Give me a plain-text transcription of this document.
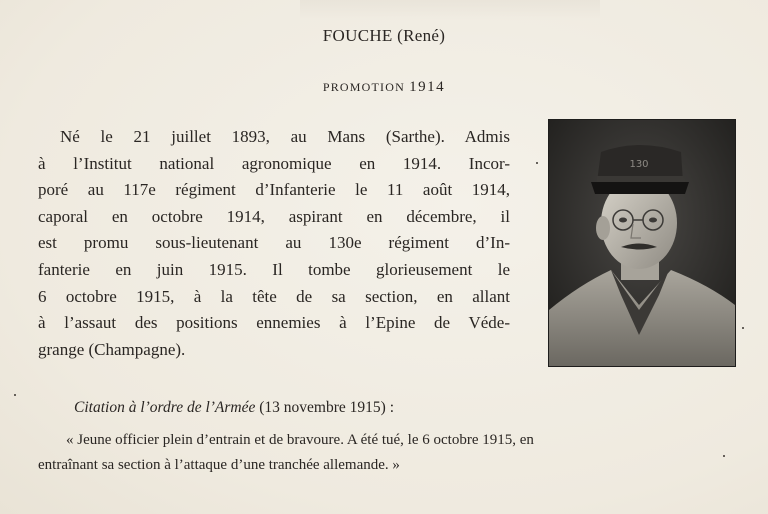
FOUCHE (René)
PROMOTION 1914
Né le 21 juillet 1893, au Mans (Sarthe). Admis
à l’Institut national agronomique en 1914. Incor-
poré au 117e régiment d’Infanterie le 11 août 1914,
caporal en octobre 1914, aspirant en décembre, il
est promu sous-lieutenant au 130e régiment d’In-
fanterie en juin 1915. Il tombe glorieusement le
6 octobre 1915, à la tête de sa section, en allant
à l’assaut des positions ennemies à l’Epine de Véde-
grange (Champagne).
130
Citation à l’ordre de l’Armée (13 novembre 1915) :
« Jeune officier plein d’entrain et de bravoure. A été tué, le 6 octobre 1915, en
entraînant sa section à l’attaque d’une tranchée allemande. »
